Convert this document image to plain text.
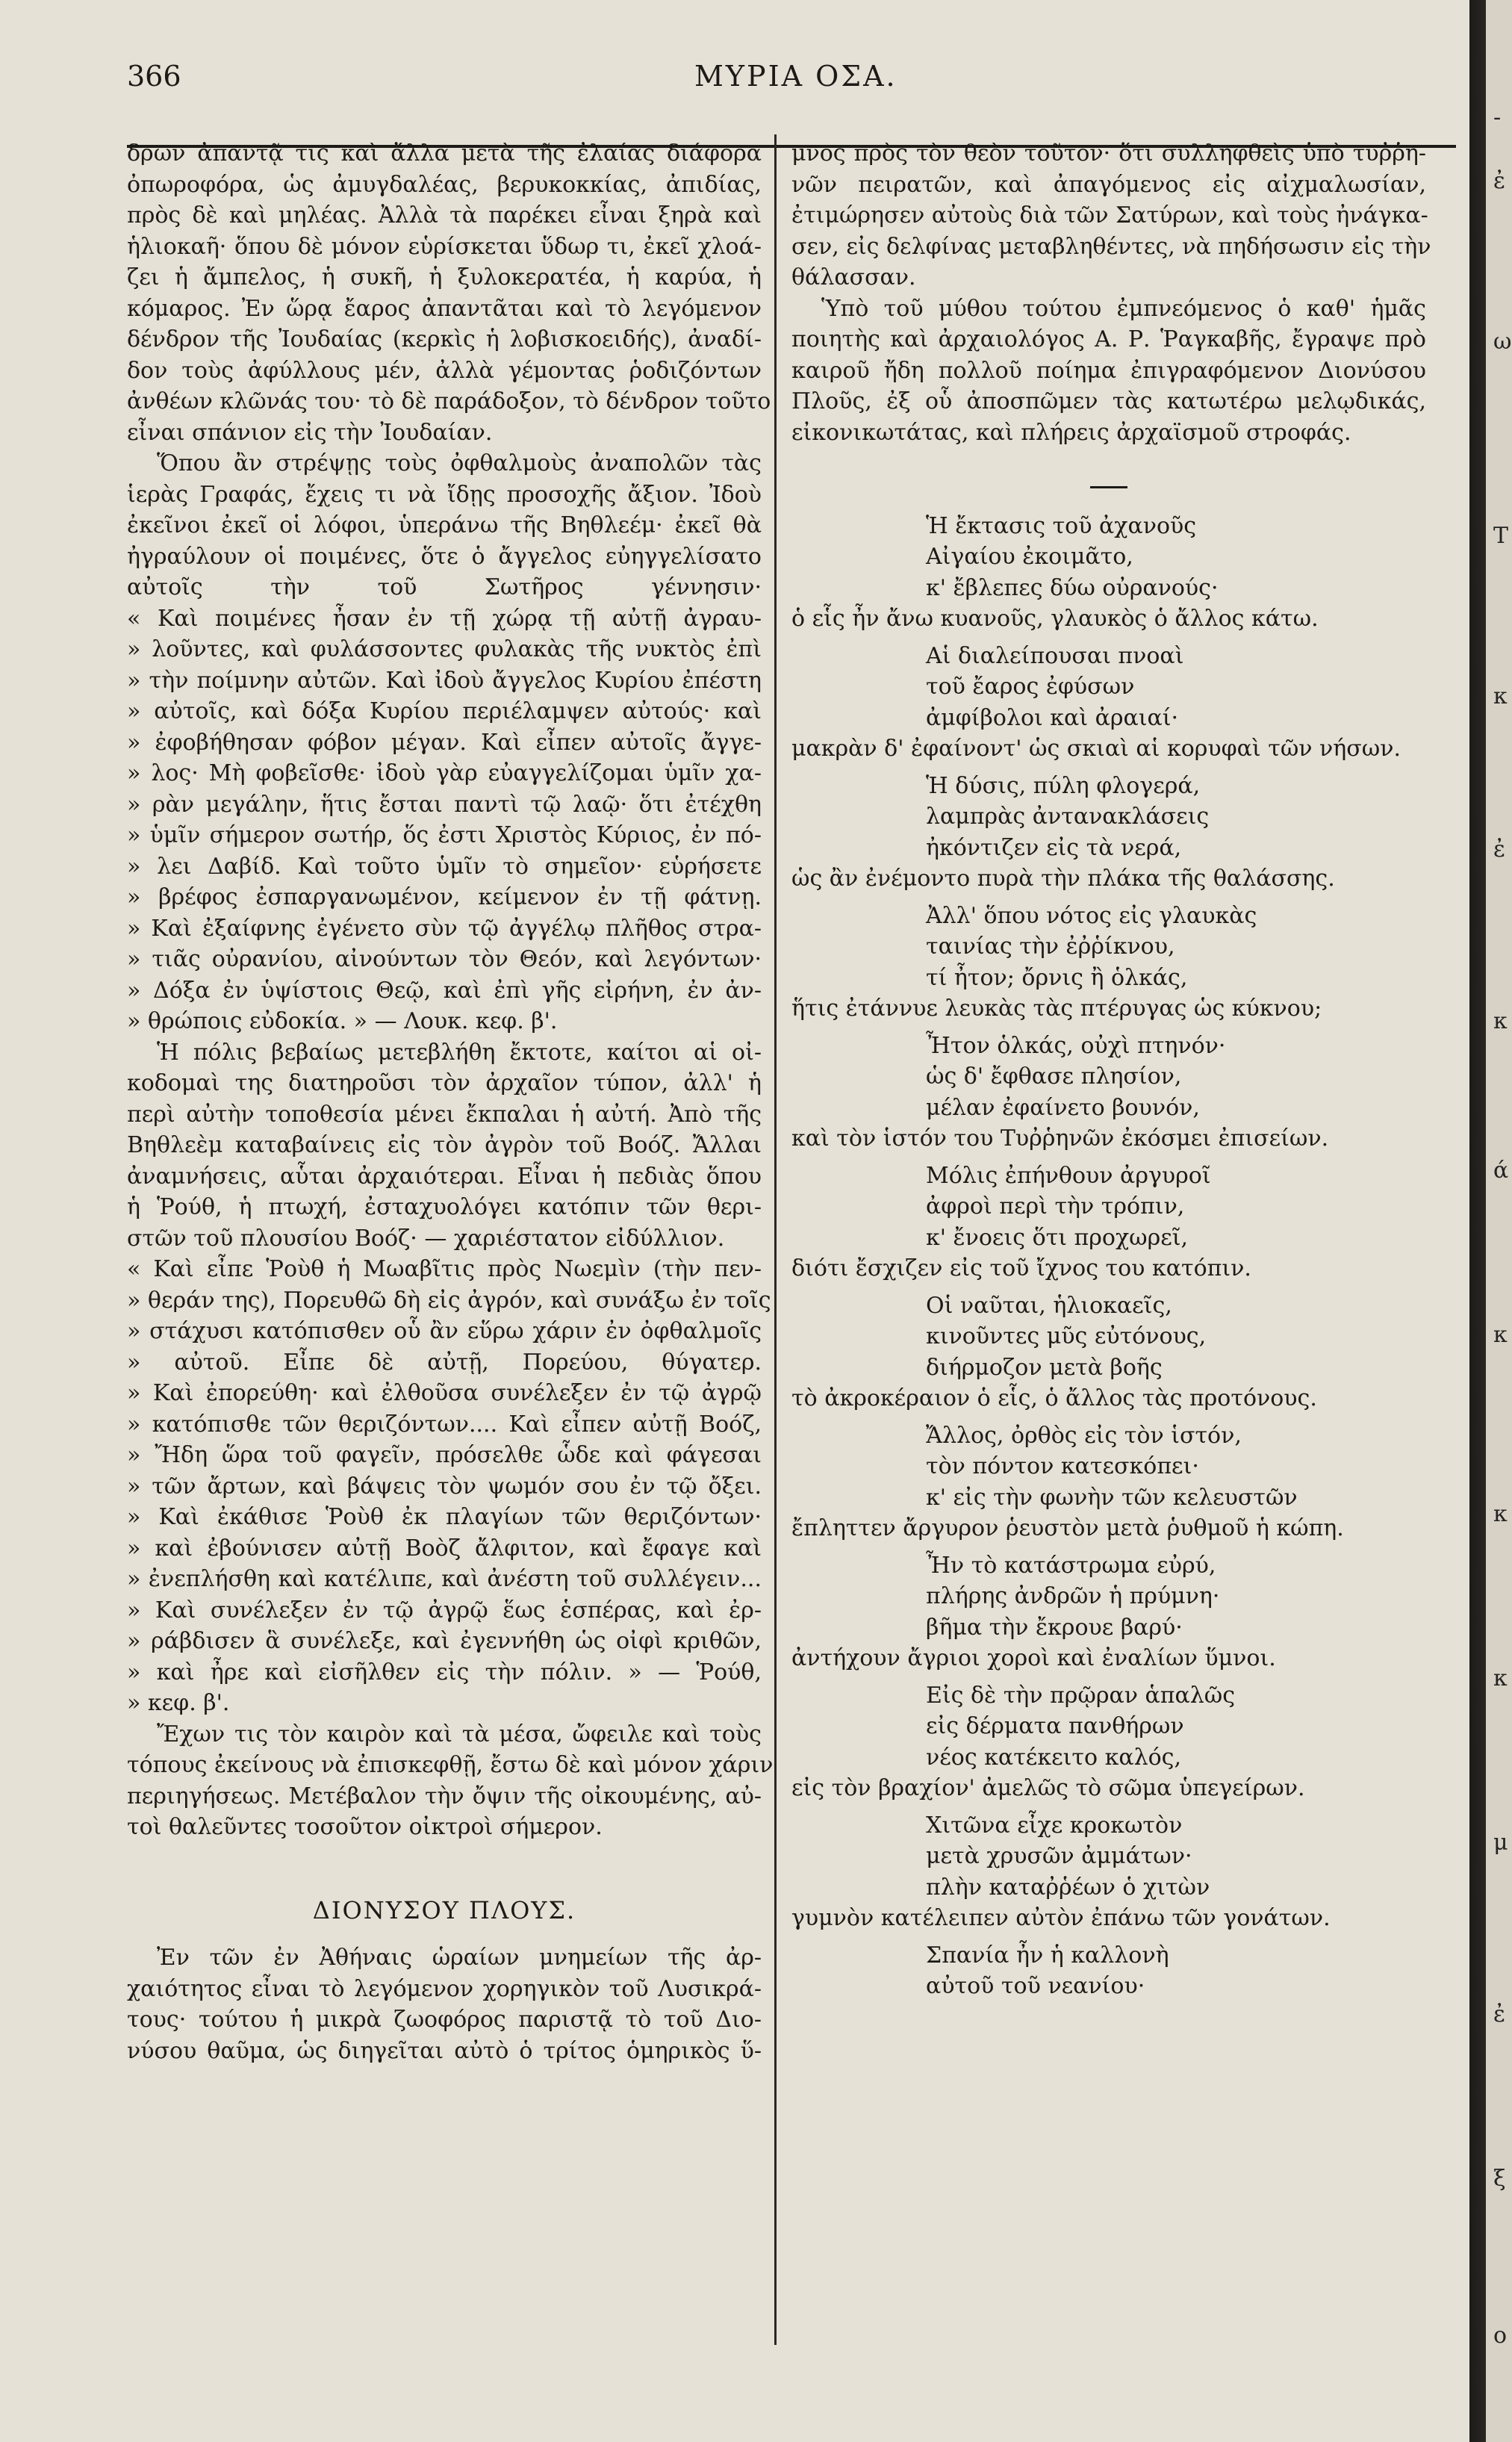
366	ΜΥΡΙΑ ΟΣΑ.

δρων ἀπαντᾷ τις καὶ ἄλλα μετὰ τῆς ἐλαίας διάφορα

ὀπωροφόρα, ὡς ἀμυγδαλέας, βερυκοκκίας, ἀπιδίας,

πρὸς δὲ καὶ μηλέας. Ἀλλὰ τὰ παρέκει εἶναι ξηρὰ καὶ

ἡλιοκαῆ· ὅπου δὲ μόνον εὑρίσκεται ὕδωρ τι, ἐκεῖ χλοά-

ζει ἡ ἄμπελος, ἡ συκῆ, ἡ ξυλοκερατέα, ἡ καρύα, ἡ

κόμαρος. Ἐν ὥρᾳ ἔαρος ἀπαντᾶται καὶ τὸ λεγόμενον

δένδρον τῆς Ἰουδαίας (κερκὶς ἡ λοβισκοειδής), ἀναδί-

δον τοὺς ἀφύλλους μέν, ἀλλὰ γέμοντας ῥοδιζόντων

ἀνθέων κλῶνάς του· τὸ δὲ παράδοξον, τὸ δένδρον τοῦτο

εἶναι σπάνιον εἰς τὴν Ἰουδαίαν.

Ὅπου ἂν στρέψῃς τοὺς ὀφθαλμοὺς ἀναπολῶν τὰς

ἱερὰς Γραφάς, ἔχεις τι νὰ ἴδῃς προσοχῆς ἄξιον. Ἰδοὺ

ἐκεῖνοι ἐκεῖ οἱ λόφοι, ὑπεράνω τῆς Βηθλεέμ· ἐκεῖ θὰ

ἠγραύλουν οἱ ποιμένες, ὅτε ὁ ἄγγελος εὐηγγελίσατο

αὐτοῖς τὴν τοῦ Σωτῆρος γέννησιν·

« Καὶ ποιμένες ἦσαν ἐν τῇ χώρᾳ τῇ αὐτῇ ἀγραυ-

» λοῦντες, καὶ φυλάσσοντες φυλακὰς τῆς νυκτὸς ἐπὶ

» τὴν ποίμνην αὐτῶν. Καὶ ἰδοὺ ἄγγελος Κυρίου ἐπέστη

» αὐτοῖς, καὶ δόξα Κυρίου περιέλαμψεν αὐτούς· καὶ

» ἐφοβήθησαν φόβον μέγαν. Καὶ εἶπεν αὐτοῖς ἄγγε-

» λος· Μὴ φοβεῖσθε· ἰδοὺ γὰρ εὐαγγελίζομαι ὑμῖν χα-

» ρὰν μεγάλην, ἥτις ἔσται παντὶ τῷ λαῷ· ὅτι ἐτέχθη

» ὑμῖν σήμερον σωτήρ, ὅς ἐστι Χριστὸς Κύριος, ἐν πό-

» λει Δαβίδ. Καὶ τοῦτο ὑμῖν τὸ σημεῖον· εὑρήσετε

» βρέφος ἐσπαργανωμένον, κείμενον ἐν τῇ φάτνῃ.

» Καὶ ἐξαίφνης ἐγένετο σὺν τῷ ἀγγέλῳ πλῆθος στρα-

» τιᾶς οὐρανίου, αἰνούντων τὸν Θεόν, καὶ λεγόντων·

» Δόξα ἐν ὑψίστοις Θεῷ, καὶ ἐπὶ γῆς εἰρήνη, ἐν ἀν-

» θρώποις εὐδοκία. » — Λουκ. κεφ. β'.

Ἡ πόλις βεβαίως μετεβλήθη ἔκτοτε, καίτοι αἱ οἰ-

κοδομαὶ της διατηροῦσι τὸν ἀρχαῖον τύπον, ἀλλ' ἡ

περὶ αὐτὴν τοποθεσία μένει ἔκπαλαι ἡ αὐτή. Ἀπὸ τῆς

Βηθλεὲμ καταβαίνεις εἰς τὸν ἀγρὸν τοῦ Βοόζ. Ἄλλαι

ἀναμνήσεις, αὗται ἀρχαιότεραι. Εἶναι ἡ πεδιὰς ὅπου

ἡ Ῥούθ, ἡ πτωχή, ἐσταχυολόγει κατόπιν τῶν θερι-

στῶν τοῦ πλουσίου Βοόζ· — χαριέστατον εἰδύλλιον.

« Καὶ εἶπε Ῥοὺθ ἡ Μωαβῖτις πρὸς Νωεμὶν (τὴν πεν-

» θεράν της), Πορευθῶ δὴ εἰς ἀγρόν, καὶ συνάξω ἐν τοῖς

» στάχυσι κατόπισθεν οὗ ἂν εὕρω χάριν ἐν ὀφθαλμοῖς

» αὐτοῦ. Εἶπε δὲ αὐτῇ, Πορεύου, θύγατερ.

» Καὶ ἐπορεύθη· καὶ ἐλθοῦσα συνέλεξεν ἐν τῷ ἀγρῷ

» κατόπισθε τῶν θεριζόντων.... Καὶ εἶπεν αὐτῇ Βοόζ,

» Ἤδη ὥρα τοῦ φαγεῖν, πρόσελθε ὧδε καὶ φάγεσαι

» τῶν ἄρτων, καὶ βάψεις τὸν ψωμόν σου ἐν τῷ ὄξει.

» Καὶ ἐκάθισε Ῥοὺθ ἐκ πλαγίων τῶν θεριζόντων·

» καὶ ἐβούνισεν αὐτῇ Βοὸζ ἄλφιτον, καὶ ἔφαγε καὶ

» ἐνεπλήσθη καὶ κατέλιπε, καὶ ἀνέστη τοῦ συλλέγειν...

» Καὶ συνέλεξεν ἐν τῷ ἀγρῷ ἕως ἑσπέρας, καὶ ἐρ-

» ράβδισεν ἃ συνέλεξε, καὶ ἐγεννήθη ὡς οἰφὶ κριθῶν,

» καὶ ἦρε καὶ εἰσῆλθεν εἰς τὴν πόλιν. » — Ῥούθ,

» κεφ. β'.

Ἔχων τις τὸν καιρὸν καὶ τὰ μέσα, ὤφειλε καὶ τοὺς

τόπους ἐκείνους νὰ ἐπισκεφθῇ, ἔστω δὲ καὶ μόνον χάριν

περιηγήσεως. Μετέβαλον τὴν ὄψιν τῆς οἰκουμένης, αὐ-

τοὶ θαλεῦντες τοσοῦτον οἰκτροὶ σήμερον.

ΔΙΟΝΥΣΟΥ ΠΛΟΥΣ.

Ἐν τῶν ἐν Ἀθήναις ὡραίων μνημείων τῆς ἀρ-

χαιότητος εἶναι τὸ λεγόμενον χορηγικὸν τοῦ Λυσικρά-

τους· τούτου ἡ μικρὰ ζωοφόρος παριστᾷ τὸ τοῦ Διο-

νύσου θαῦμα, ὡς διηγεῖται αὐτὸ ὁ τρίτος ὁμηρικὸς ὕ-

μνος πρὸς τὸν θεὸν τοῦτον· ὅτι συλληφθεὶς ὑπὸ τυῤῥη-

νῶν πειρατῶν, καὶ ἀπαγόμενος εἰς αἰχμαλωσίαν,

ἐτιμώρησεν αὐτοὺς διὰ τῶν Σατύρων, καὶ τοὺς ἠνάγκα-

σεν, εἰς δελφίνας μεταβληθέντες, νὰ πηδήσωσιν εἰς τὴν

θάλασσαν.

Ὑπὸ τοῦ μύθου τούτου ἐμπνεόμενος ὁ καθ' ἡμᾶς

ποιητὴς καὶ ἀρχαιολόγος Α. Ρ. Ῥαγκαβῆς, ἔγραψε πρὸ

καιροῦ ἤδη πολλοῦ ποίημα ἐπιγραφόμενον Διονύσου

Πλοῦς, ἐξ οὗ ἀποσπῶμεν τὰς κατωτέρω μελῳδικάς,

εἰκονικωτάτας, καὶ πλήρεις ἀρχαϊσμοῦ στροφάς.

Ἡ ἔκτασις τοῦ ἀχανοῦς

Αἰγαίου ἐκοιμᾶτο,

κ' ἔβλεπες δύω οὐρανούς·

ὁ εἷς ἦν ἄνω κυανοῦς, γλαυκὸς ὁ ἄλλος κάτω.

Αἱ διαλείπουσαι πνοαὶ

τοῦ ἔαρος ἐφύσων

ἀμφίβολοι καὶ ἀραιαί·

μακρὰν δ' ἐφαίνοντ' ὡς σκιαὶ αἱ κορυφαὶ τῶν νήσων.

Ἡ δύσις, πύλη φλογερά,

λαμπρὰς ἀντανακλάσεις

ἠκόντιζεν εἰς τὰ νερά,

ὡς ἂν ἐνέμοντο πυρὰ τὴν πλάκα τῆς θαλάσσης.

Ἀλλ' ὅπου νότος εἰς γλαυκὰς

ταινίας τὴν ἐῤῥίκνου,

τί ἦτον; ὄρνις ἢ ὁλκάς,

ἥτις ἐτάννυε λευκὰς τὰς πτέρυγας ὡς κύκνου;

Ἦτον ὁλκάς, οὐχὶ πτηνόν·

ὡς δ' ἔφθασε πλησίον,

μέλαν ἐφαίνετο βουνόν,

καὶ τὸν ἱστόν του Τυῤῥηνῶν ἐκόσμει ἐπισείων.

Μόλις ἐπήνθουν ἀργυροῖ

ἀφροὶ περὶ τὴν τρόπιν,

κ' ἔνοεις ὅτι προχωρεῖ,

διότι ἔσχιζεν εἰς τοῦ ἴχνος του κατόπιν.

Οἱ ναῦται, ἡλιοκαεῖς,

κινοῦντες μῦς εὐτόνους,

διήρμοζον μετὰ βοῆς

τὸ ἀκροκέραιον ὁ εἷς, ὁ ἄλλος τὰς προτόνους.

Ἄλλος, ὀρθὸς εἰς τὸν ἱστόν,

τὸν πόντον κατεσκόπει·

κ' εἰς τὴν φωνὴν τῶν κελευστῶν

ἔπληττεν ἄργυρον ῥευστὸν μετὰ ῥυθμοῦ ἡ κώπη.

Ἦν τὸ κατάστρωμα εὐρύ,

πλήρης ἀνδρῶν ἡ πρύμνη·

βῆμα τὴν ἔκρουε βαρύ·

ἀντήχουν ἄγριοι χοροὶ καὶ ἐναλίων ὕμνοι.

Εἰς δὲ τὴν πρῷραν ἁπαλῶς

εἰς δέρματα πανθήρων

νέος κατέκειτο καλός,

εἰς τὸν βραχίον' ἀμελῶς τὸ σῶμα ὑπεγείρων.

Χιτῶνα εἶχε κροκωτὸν

μετὰ χρυσῶν ἀμμάτων·

πλὴν καταῤῥέων ὁ χιτὼν

γυμνὸν κατέλειπεν αὐτὸν ἐπάνω τῶν γονάτων.

Σπανία ἦν ἡ καλλονὴ

αὐτοῦ τοῦ νεανίου·

-
ἐ
ω
Τ
κ
ἐ
κ
ά
κ
κ
κ
μ
ἐ
ξ
ο
